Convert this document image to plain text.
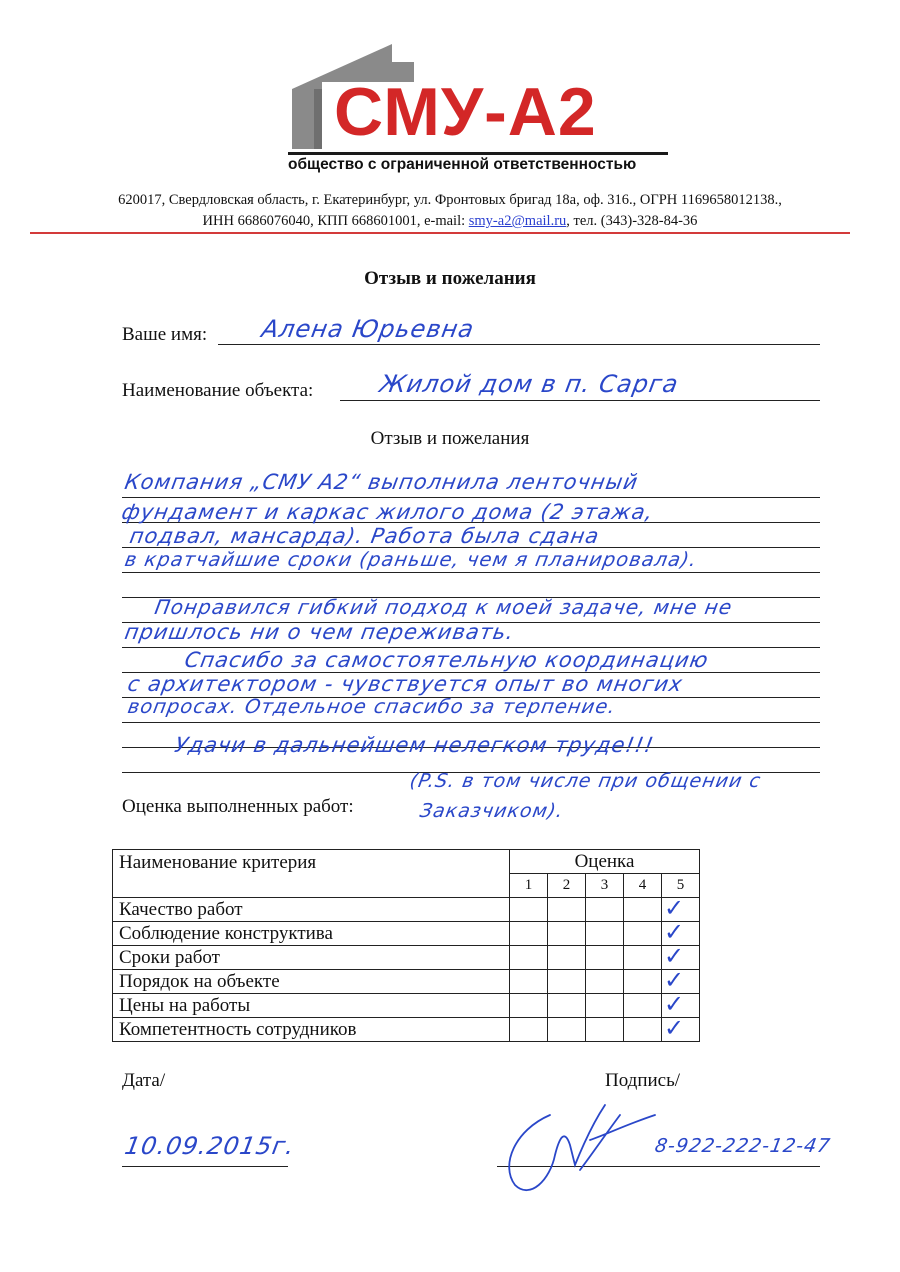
СМУ-А2
общество с ограниченной ответственностью
620017, Свердловская область, г. Екатеринбург, ул. Фронтовых бригад 18а, оф. 316., ОГРН 1169658012138.,
ИНН 6686076040, КПП 668601001, e-mail: smy-a2@mail.ru, тел. (343)-328-84-36
Отзыв и пожелания
Ваше имя: Алена Юрьевна
Наименование объекта:	Жилой дом в п. Сарга
Отзыв и пожелания
Компания „СМУ А2“ выполнила ленточный
фундамент и каркас жилого дома (2 этажа,
подвал, мансарда). Работа была сдана
в кратчайшие сроки (раньше, чем я планировала).
Понравился гибкий подход к моей задаче, мне не
пришлось ни о чем переживать.
Спасибо за самостоятельную координацию
с архитектором - чувствуется опыт во многих
вопросах. Отдельное спасибо за терпение.
Удачи в дальнейшем нелегком труде!!!
(P.S. в том числе при общении с
Заказчиком).
Оценка выполненных работ:
Наименование критерия	Оценка				
	1	2	3	4	5
Качество работ					✓

Соблюдение конструктива					✓

Сроки работ					✓

Порядок на объекте					✓

Цены на работы					✓

Компетентность сотрудников					✓
Дата/	Подпись/
10.09.2015г.	8-922-222-12-47
